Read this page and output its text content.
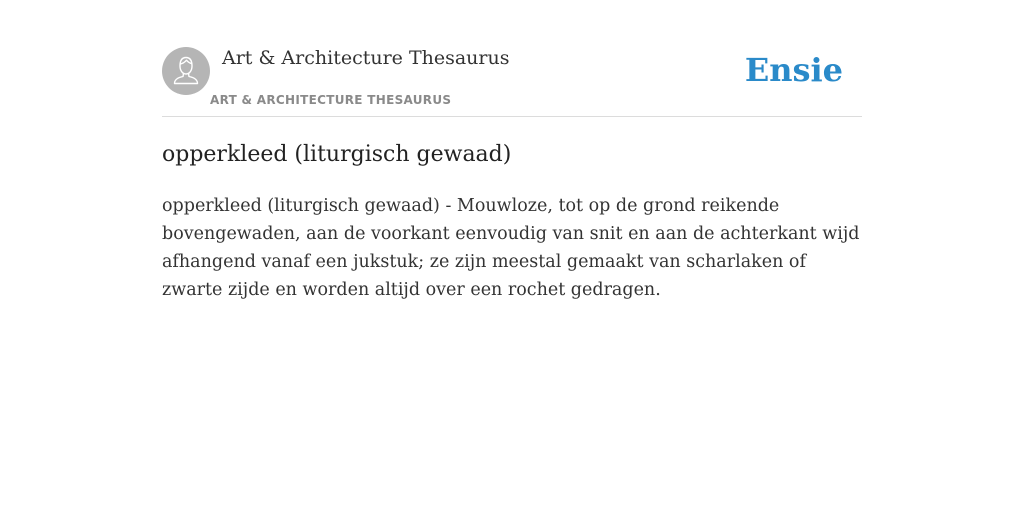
Art & Architecture Thesaurus
ART & ARCHITECTURE THESAURUS
Ensie
opperkleed (liturgisch gewaad)

opperkleed (liturgisch gewaad) - Mouwloze, tot op de grond reikende bovengewaden, aan de voorkant eenvoudig van snit en aan de achterkant wijd afhangend vanaf een jukstuk; ze zijn meestal gemaakt van scharlaken of zwarte zijde en worden altijd over een rochet gedragen.
